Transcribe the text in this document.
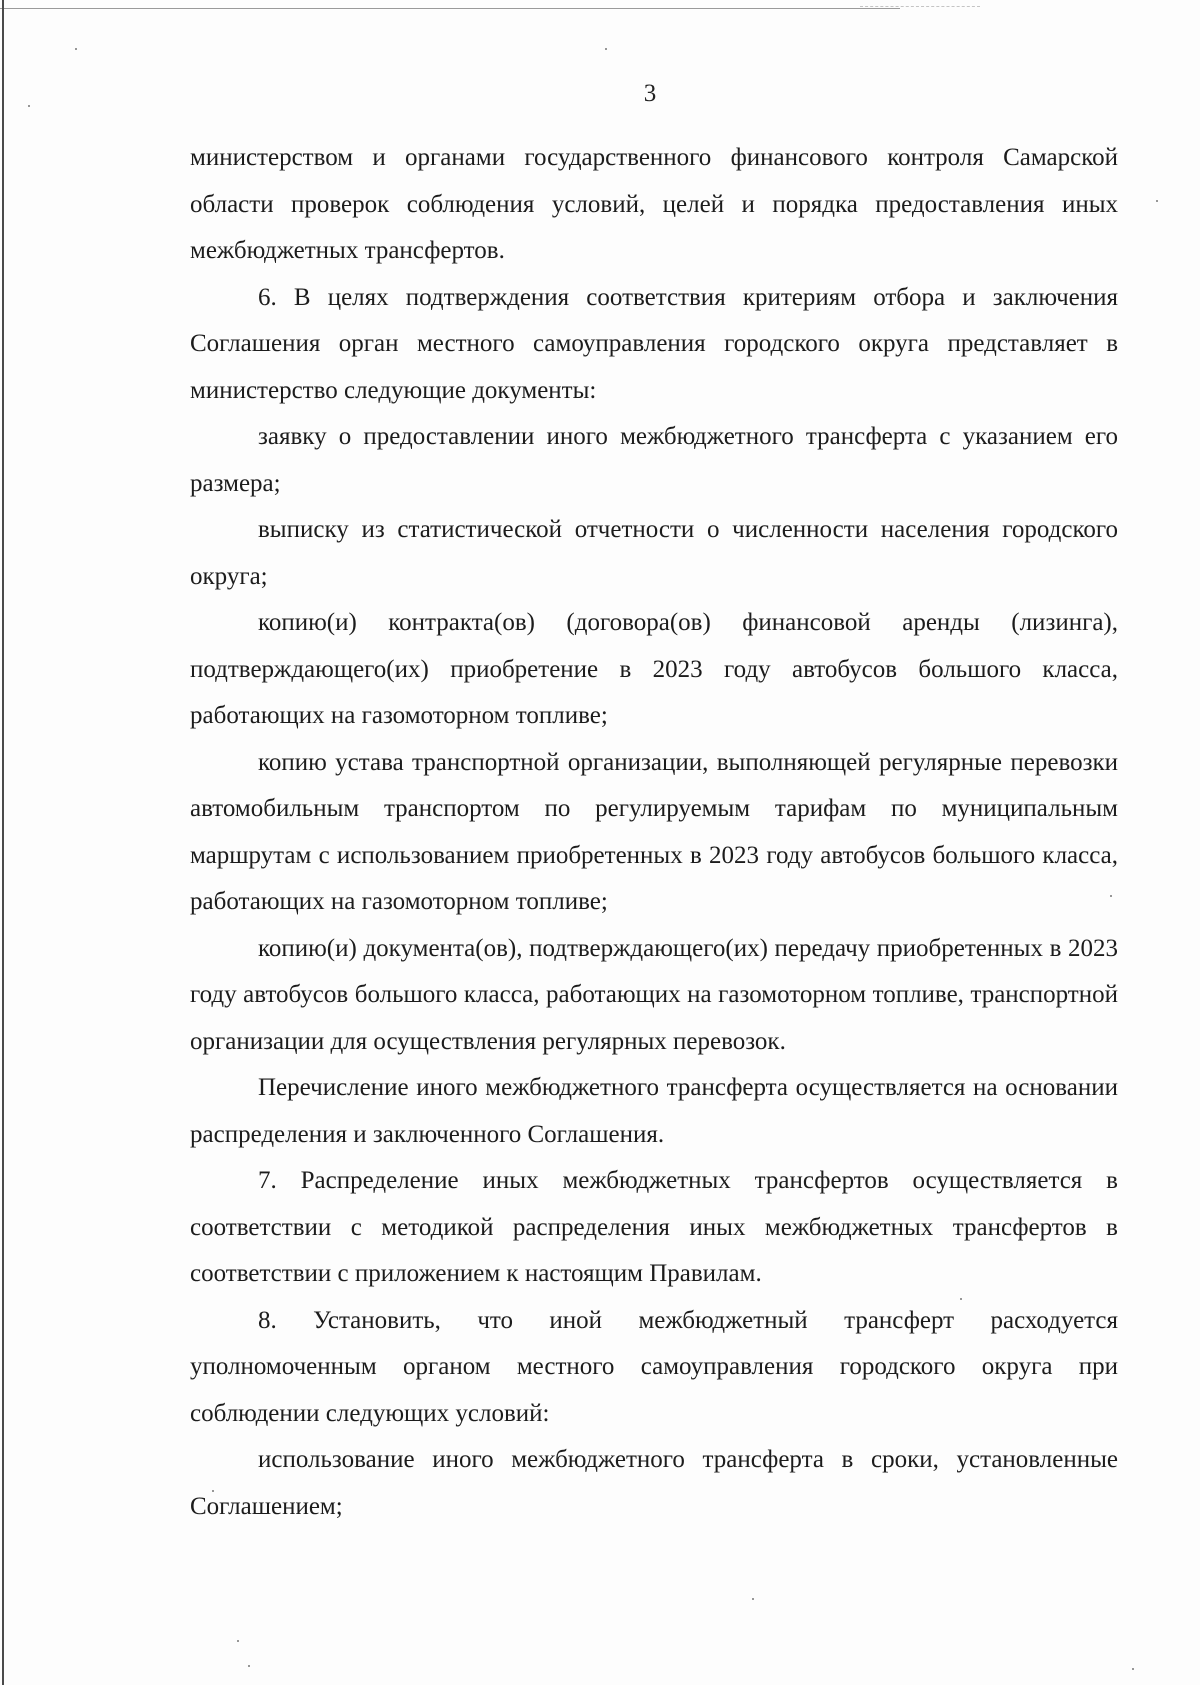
3

министерством и органами государственного финансового контроля Самарской области проверок соблюдения условий, целей и порядка предоставления иных межбюджетных трансфертов.

6. В целях подтверждения соответствия критериям отбора и заключения Соглашения орган местного самоуправления городского округа представляет в министерство следующие документы:

заявку о предоставлении иного межбюджетного трансферта с указанием его размера;

выписку из статистической отчетности о численности населения городского округа;

копию(и) контракта(ов) (договора(ов) финансовой аренды (лизинга), подтверждающего(их) приобретение в 2023 году автобусов большого класса, работающих на газомоторном топливе;

копию устава транспортной организации, выполняющей регулярные перевозки автомобильным транспортом по регулируемым тарифам по муниципальным маршрутам с использованием приобретенных в 2023 году автобусов большого класса, работающих на газомоторном топливе;

копию(и) документа(ов), подтверждающего(их) передачу приобретенных в 2023 году автобусов большого класса, работающих на газомоторном топливе, транспортной организации для осуществления регулярных перевозок.

Перечисление иного межбюджетного трансферта осуществляется на основании распределения и заключенного Соглашения.

7. Распределение иных межбюджетных трансфертов осуществляется в соответствии с методикой распределения иных межбюджетных трансфертов в соответствии с приложением к настоящим Правилам.

8. Установить, что иной межбюджетный трансферт расходуется уполномоченным органом местного самоуправления городского округа при соблюдении следующих условий:

использование иного межбюджетного трансферта в сроки, установленные Соглашением;
